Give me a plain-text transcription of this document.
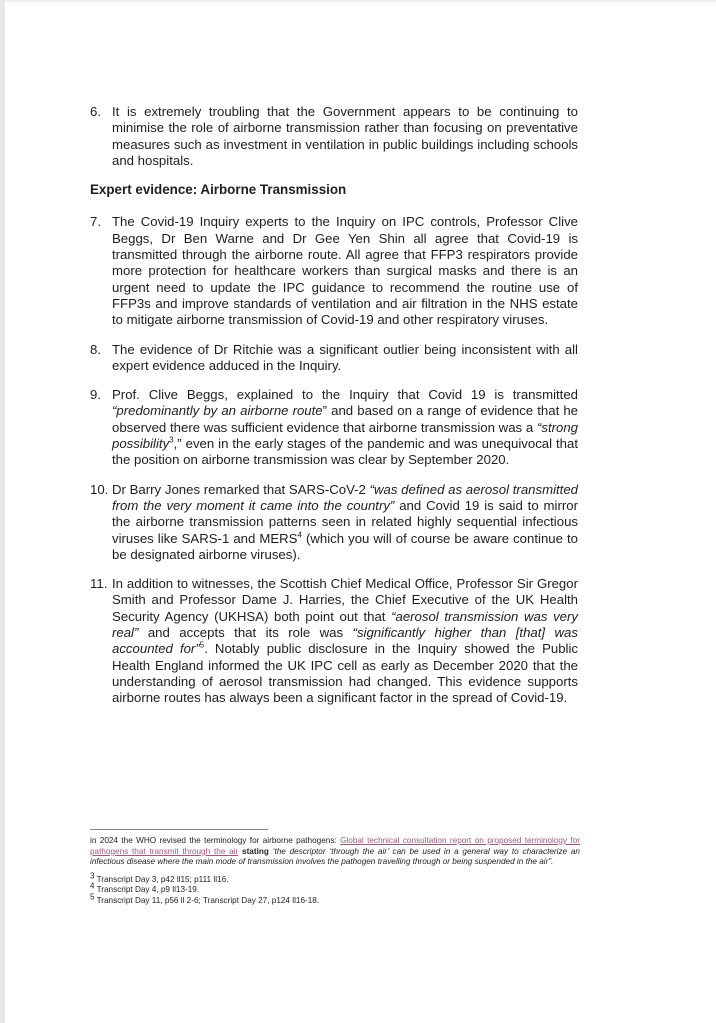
6. It is extremely troubling that the Government appears to be continuing to minimise the role of airborne transmission rather than focusing on preventative measures such as investment in ventilation in public buildings including schools and hospitals.
Expert evidence: Airborne Transmission
7. The Covid-19 Inquiry experts to the Inquiry on IPC controls, Professor Clive Beggs, Dr Ben Warne and Dr Gee Yen Shin all agree that Covid-19 is transmitted through the airborne route. All agree that FFP3 respirators provide more protection for healthcare workers than surgical masks and there is an urgent need to update the IPC guidance to recommend the routine use of FFP3s and improve standards of ventilation and air filtration in the NHS estate to mitigate airborne transmission of Covid-19 and other respiratory viruses.
8. The evidence of Dr Ritchie was a significant outlier being inconsistent with all expert evidence adduced in the Inquiry.
9. Prof. Clive Beggs, explained to the Inquiry that Covid 19 is transmitted “predominantly by an airborne route” and based on a range of evidence that he observed there was sufficient evidence that airborne transmission was a “strong possibility$^3$,” even in the early stages of the pandemic and was unequivocal that the position on airborne transmission was clear by September 2020.
10. Dr Barry Jones remarked that SARS-CoV-2 “was defined as aerosol transmitted from the very moment it came into the country” and Covid 19 is said to mirror the airborne transmission patterns seen in related highly sequential infectious viruses like SARS-1 and MERS$^4$ (which you will of course be aware continue to be designated airborne viruses).
11. In addition to witnesses, the Scottish Chief Medical Office, Professor Sir Gregor Smith and Professor Dame J. Harries, the Chief Executive of the UK Health Security Agency (UKHSA) both point out that “aerosol transmission was very real” and accepts that its role was “significantly higher than [that] was accounted for”$^5$. Notably public disclosure in the Inquiry showed the Public Health England informed the UK IPC cell as early as December 2020 that the understanding of aerosol transmission had changed. This evidence supports airborne routes has always been a significant factor in the spread of Covid-19.
in 2024 the WHO revised the terminology for airborne pathogens: Global technical consultation report on proposed terminology for pathogens that transmit through the air stating ‘the descriptor ‘through the air’ can be used in a general way to characterize an infectious disease where the main mode of transmission involves the pathogen travelling through or being suspended in the air”.

$^3$ Transcript Day 3, p42 ll15; p111 ll16.

$^4$ Transcript Day 4, p9 ll13-19.

$^5$ Transcript Day 11, p56 ll 2-6; Transcript Day 27, p124 ll16-18.
